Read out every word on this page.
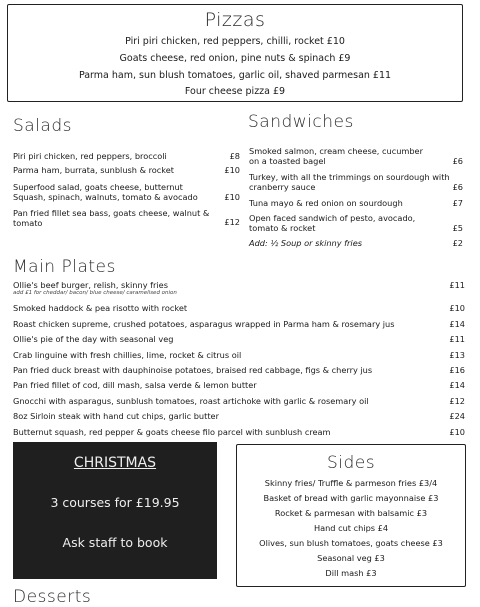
Pizzas
Piri piri chicken, red peppers, chilli, rocket £10
Goats cheese, red onion, pine nuts & spinach £9
Parma ham, sun blush tomatoes, garlic oil, shaved parmesan £11
Four cheese pizza £9
Salads
Piri piri chicken, red peppers, broccoli	£8
Parma ham, burrata, sunblush & rocket	£10
Superfood salad, goats cheese, butternut
Squash, spinach, walnuts, tomato & avocado	£10
Pan fried fillet sea bass, goats cheese, walnut &
tomato	£12
Sandwiches
Smoked salmon, cream cheese, cucumber
on a toasted bagel	£6
Turkey, with all the trimmings on sourdough with
cranberry sauce	£6
Tuna mayo & red onion on sourdough	£7
Open faced sandwich of pesto, avocado,
tomato & rocket	£5
Add: ½ Soup or skinny fries	£2
Main Plates
Ollie's beef burger, relish, skinny fries
add £1 for cheddar/ bacon/ blue cheese/ caramelised onion
£11
Smoked haddock & pea risotto with rocket	£10
Roast chicken supreme, crushed potatoes, asparagus wrapped in Parma ham & rosemary jus	£14
Ollie's pie of the day with seasonal veg	£11
Crab linguine with fresh chillies, lime, rocket & citrus oil	£13
Pan fried duck breast with dauphinoise potatoes, braised red cabbage, figs & cherry jus	£16
Pan fried fillet of cod, dill mash, salsa verde & lemon butter	£14
Gnocchi with asparagus, sunblush tomatoes, roast artichoke with garlic & rosemary oil	£12
8oz Sirloin steak with hand cut chips, garlic butter	£24
Butternut squash, red pepper & goats cheese filo parcel with sunblush cream	£10
CHRISTMAS
3 courses for £19.95
Ask staff to book
Sides
Skinny fries/ Truffle & parmeson fries £3/4
Basket of bread with garlic mayonnaise £3
Rocket & parmesan with balsamic £3
Hand cut chips £4
Olives, sun blush tomatoes, goats cheese £3
Seasonal veg £3
Dill mash £3
Desserts
